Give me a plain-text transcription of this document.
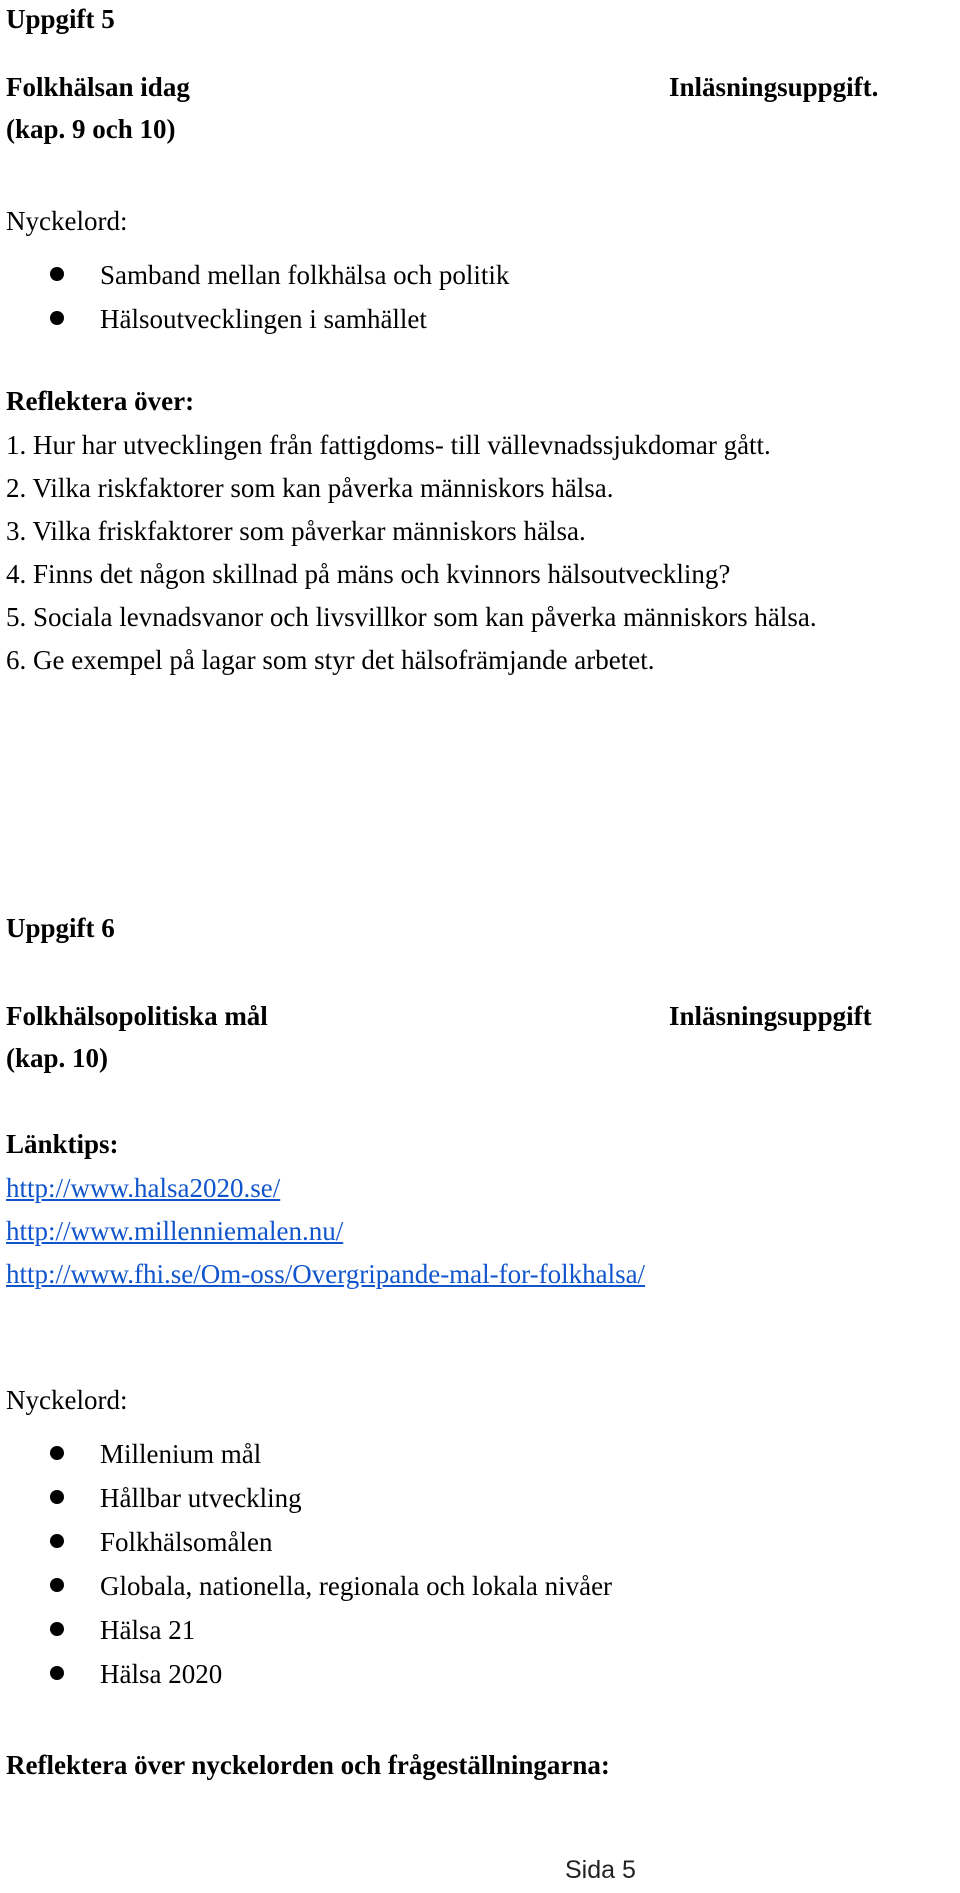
Uppgift 5
Folkhälsan idag	Inläsningsuppgift.
(kap. 9 och 10)
Nyckelord:
Samband mellan folkhälsa och politik
Hälsoutvecklingen i samhället
Reflektera över:
1. Hur har utvecklingen från fattigdoms- till vällevnadssjukdomar gått.
2. Vilka riskfaktorer som kan påverka människors hälsa.
3. Vilka friskfaktorer som påverkar människors hälsa.
4. Finns det någon skillnad på mäns och kvinnors hälsoutveckling?
5. Sociala levnadsvanor och livsvillkor som kan påverka människors hälsa.
6. Ge exempel på lagar som styr det hälsofrämjande arbetet.
Uppgift 6
Folkhälsopolitiska mål	Inläsningsuppgift
(kap. 10)
Länktips:
http://www.halsa2020.se/
http://www.millenniemalen.nu/
http://www.fhi.se/Om-oss/Overgripande-mal-for-folkhalsa/
Nyckelord:
Millenium mål
Hållbar utveckling
Folkhälsomålen
Globala, nationella, regionala och lokala nivåer
Hälsa 21
Hälsa 2020
Reflektera över nyckelorden och frågeställningarna:
Sida 5
